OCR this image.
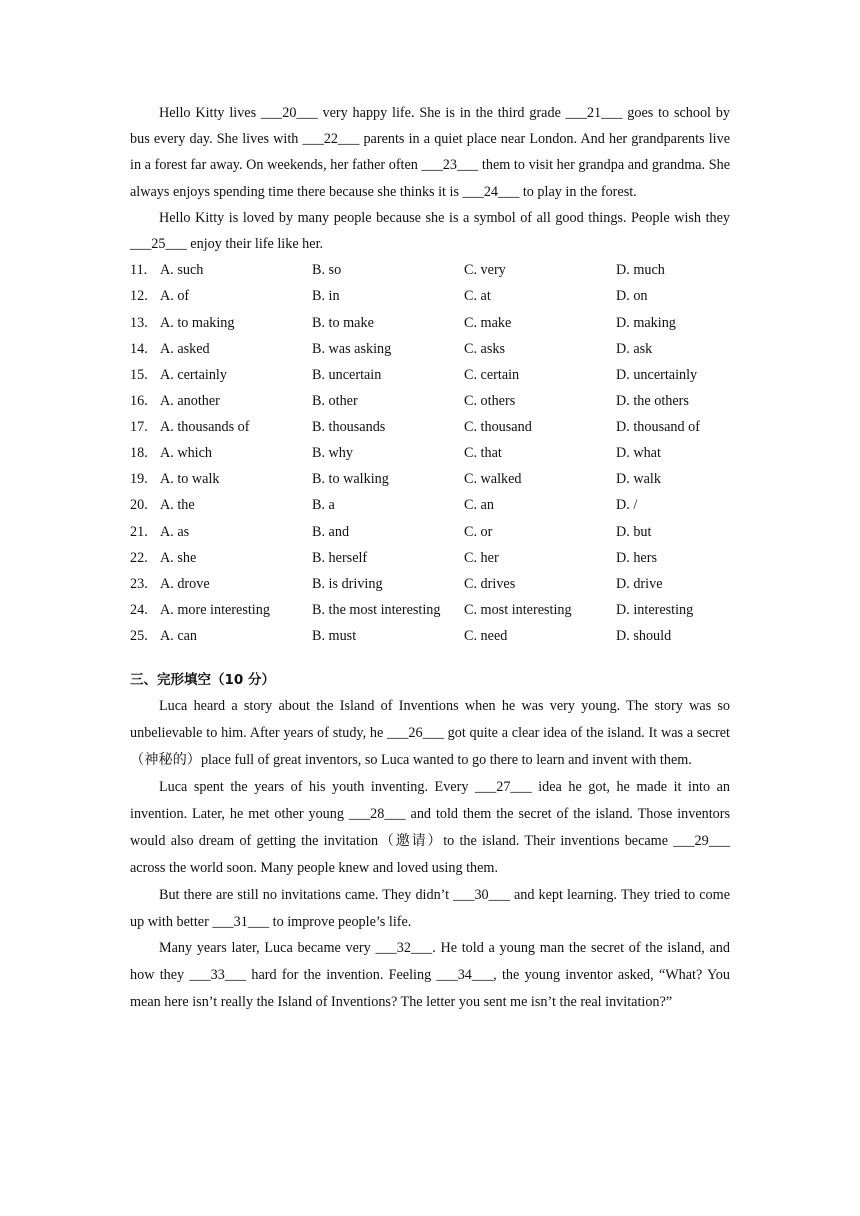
Hello Kitty lives ___20___ very happy life. She is in the third grade ___21___ goes to school by bus every day. She lives with ___22___ parents in a quiet place near London. And her grandparents live in a forest far away. On weekends, her father often ___23___ them to visit her grandpa and grandma. She always enjoys spending time there because she thinks it is ___24___ to play in the forest.

Hello Kitty is loved by many people because she is a symbol of all good things. People wish they ___25___ enjoy their life like her.

11. A. such	B. so	C. very	D. much
12. A. of	B. in	C. at	D. on
13. A. to making	B. to make	C. make	D. making
14. A. asked	B. was asking	C. asks	D. ask
15. A. certainly	B. uncertain	C. certain	D. uncertainly
16. A. another	B. other	C. others	D. the others
17. A. thousands of	B. thousands	C. thousand	D. thousand of
18. A. which	B. why	C. that	D. what
19. A. to walk	B. to walking	C. walked	D. walk
20. A. the	B. a	C. an	D. /
21. A. as	B. and	C. or	D. but
22. A. she	B. herself	C. her	D. hers
23. A. drove	B. is driving	C. drives	D. drive
24. A. more interesting	B. the most interesting	C. most interesting	D. interesting
25. A. can	B. must	C. need	D. should
三、完形填空（10 分）

Luca heard a story about the Island of Inventions when he was very young. The story was so unbelievable to him. After years of study, he ___26___ got quite a clear idea of the island. It was a secret（神秘的）place full of great inventors, so Luca wanted to go there to learn and invent with them.

Luca spent the years of his youth inventing. Every ___27___ idea he got, he made it into an invention. Later, he met other young ___28___ and told them the secret of the island. Those inventors would also dream of getting the invitation（邀请）to the island. Their inventions became ___29___ across the world soon. Many people knew and loved using them.

But there are still no invitations came. They didn’t ___30___ and kept learning. They tried to come up with better ___31___ to improve people’s life.

Many years later, Luca became very ___32___. He told a young man the secret of the island, and how they ___33___ hard for the invention. Feeling ___34___, the young inventor asked, “What? You mean here isn’t really the Island of Inventions? The letter you sent me isn’t the real invitation?”
